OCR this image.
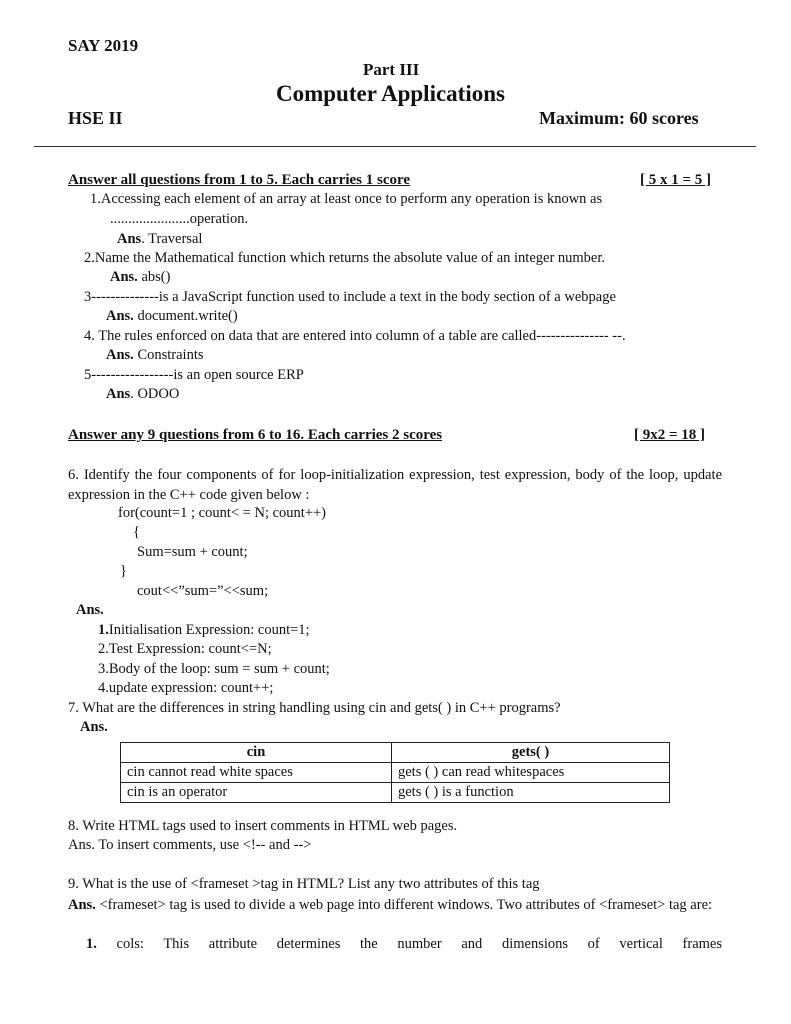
SAY 2019
Part III
Computer Applications
HSE II	Maximum: 60 scores
Answer all questions from 1 to 5. Each carries 1 score	[ 5 x 1 = 5 ]
1.Accessing each element of an array at least once to perform any operation is known as
......................operation.
Ans. Traversal
2.Name the Mathematical function which returns the absolute value of an integer number.
Ans. abs()
3--------------is a JavaScript function used to include a text in the body section of a webpage
Ans. document.write()
4. The rules enforced on data that are entered into column of a table are called--------------- --.
Ans. Constraints
5-----------------is an open source ERP
Ans. ODOO
Answer any 9 questions from 6 to 16. Each carries 2 scores	[ 9x2 = 18 ]
6. Identify the four components of for loop-initialization expression, test expression, body of the loop, update expression in the C++ code given below :
for(count=1 ; count< = N; count++)
{
Sum=sum + count;
}
cout<<”sum=”<<sum;
Ans.
1.Initialisation Expression: count=1;
2.Test Expression: count<=N;
3.Body of the loop: sum = sum + count;
4.update expression: count++;
7. What are the differences in string handling using cin and gets( ) in C++ programs?
Ans.
cin	gets( )
cin cannot read white spaces	gets ( ) can read whitespaces
cin is an operator	gets ( ) is a function
8. Write HTML tags used to insert comments in HTML web pages.
Ans. To insert comments, use <!-- and -->
9. What is the use of <frameset >tag in HTML? List any two attributes of this tag
Ans. <frameset> tag is used to divide a web page into different windows. Two attributes of <frameset> tag are:
1. cols: This attribute determines the number and dimensions of vertical frames
